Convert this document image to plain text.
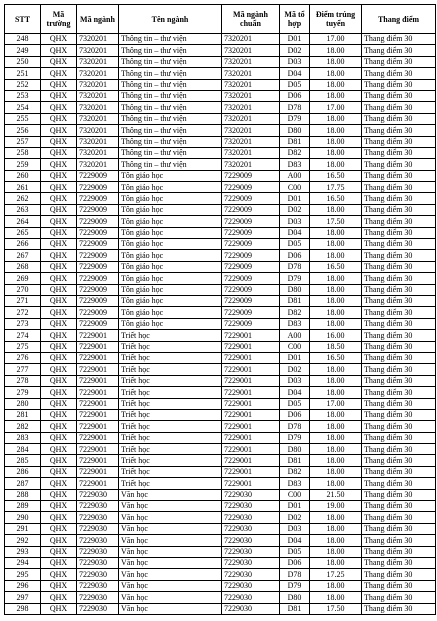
STT	Mã trường	Mã ngành	Tên ngành	Mã ngành chuẩn	Mã tổ hợp	Điểm trúng tuyển	Thang điểm
248	QHX	7320201	Thông tin – thư viện	7320201	D01	17.00	Thang điểm 30
249	QHX	7320201	Thông tin – thư viện	7320201	D02	18.00	Thang điểm 30
250	QHX	7320201	Thông tin – thư viện	7320201	D03	18.00	Thang điểm 30
251	QHX	7320201	Thông tin – thư viện	7320201	D04	18.00	Thang điểm 30
252	QHX	7320201	Thông tin – thư viện	7320201	D05	18.00	Thang điểm 30
253	QHX	7320201	Thông tin – thư viện	7320201	D06	18.00	Thang điểm 30
254	QHX	7320201	Thông tin – thư viện	7320201	D78	17.00	Thang điểm 30
255	QHX	7320201	Thông tin – thư viện	7320201	D79	18.00	Thang điểm 30
256	QHX	7320201	Thông tin – thư viện	7320201	D80	18.00	Thang điểm 30
257	QHX	7320201	Thông tin – thư viện	7320201	D81	18.00	Thang điểm 30
258	QHX	7320201	Thông tin – thư viện	7320201	D82	18.00	Thang điểm 30
259	QHX	7320201	Thông tin – thư viện	7320201	D83	18.00	Thang điểm 30
260	QHX	7229009	Tôn giáo học	7229009	A00	16.50	Thang điểm 30
261	QHX	7229009	Tôn giáo học	7229009	C00	17.75	Thang điểm 30
262	QHX	7229009	Tôn giáo học	7229009	D01	16.50	Thang điểm 30
263	QHX	7229009	Tôn giáo học	7229009	D02	18.00	Thang điểm 30
264	QHX	7229009	Tôn giáo học	7229009	D03	17.50	Thang điểm 30
265	QHX	7229009	Tôn giáo học	7229009	D04	18.00	Thang điểm 30
266	QHX	7229009	Tôn giáo học	7229009	D05	18.00	Thang điểm 30
267	QHX	7229009	Tôn giáo học	7229009	D06	18.00	Thang điểm 30
268	QHX	7229009	Tôn giáo học	7229009	D78	16.50	Thang điểm 30
269	QHX	7229009	Tôn giáo học	7229009	D79	18.00	Thang điểm 30
270	QHX	7229009	Tôn giáo học	7229009	D80	18.00	Thang điểm 30
271	QHX	7229009	Tôn giáo học	7229009	D81	18.00	Thang điểm 30
272	QHX	7229009	Tôn giáo học	7229009	D82	18.00	Thang điểm 30
273	QHX	7229009	Tôn giáo học	7229009	D83	18.00	Thang điểm 30
274	QHX	7229001	Triết học	7229001	A00	16.00	Thang điểm 30
275	QHX	7229001	Triết học	7229001	C00	18.50	Thang điểm 30
276	QHX	7229001	Triết học	7229001	D01	16.50	Thang điểm 30
277	QHX	7229001	Triết học	7229001	D02	18.00	Thang điểm 30
278	QHX	7229001	Triết học	7229001	D03	18.00	Thang điểm 30
279	QHX	7229001	Triết học	7229001	D04	18.00	Thang điểm 30
280	QHX	7229001	Triết học	7229001	D05	17.00	Thang điểm 30
281	QHX	7229001	Triết học	7229001	D06	18.00	Thang điểm 30
282	QHX	7229001	Triết học	7229001	D78	18.00	Thang điểm 30
283	QHX	7229001	Triết học	7229001	D79	18.00	Thang điểm 30
284	QHX	7229001	Triết học	7229001	D80	18.00	Thang điểm 30
285	QHX	7229001	Triết học	7229001	D81	18.00	Thang điểm 30
286	QHX	7229001	Triết học	7229001	D82	18.00	Thang điểm 30
287	QHX	7229001	Triết học	7229001	D83	18.00	Thang điểm 30
288	QHX	7229030	Văn học	7229030	C00	21.50	Thang điểm 30
289	QHX	7229030	Văn học	7229030	D01	19.00	Thang điểm 30
290	QHX	7229030	Văn học	7229030	D02	18.00	Thang điểm 30
291	QHX	7229030	Văn học	7229030	D03	18.00	Thang điểm 30
292	QHX	7229030	Văn học	7229030	D04	18.00	Thang điểm 30
293	QHX	7229030	Văn học	7229030	D05	18.00	Thang điểm 30
294	QHX	7229030	Văn học	7229030	D06	18.00	Thang điểm 30
295	QHX	7229030	Văn học	7229030	D78	17.25	Thang điểm 30
296	QHX	7229030	Văn học	7229030	D79	18.00	Thang điểm 30
297	QHX	7229030	Văn học	7229030	D80	18.00	Thang điểm 30
298	QHX	7229030	Văn học	7229030	D81	17.50	Thang điểm 30
